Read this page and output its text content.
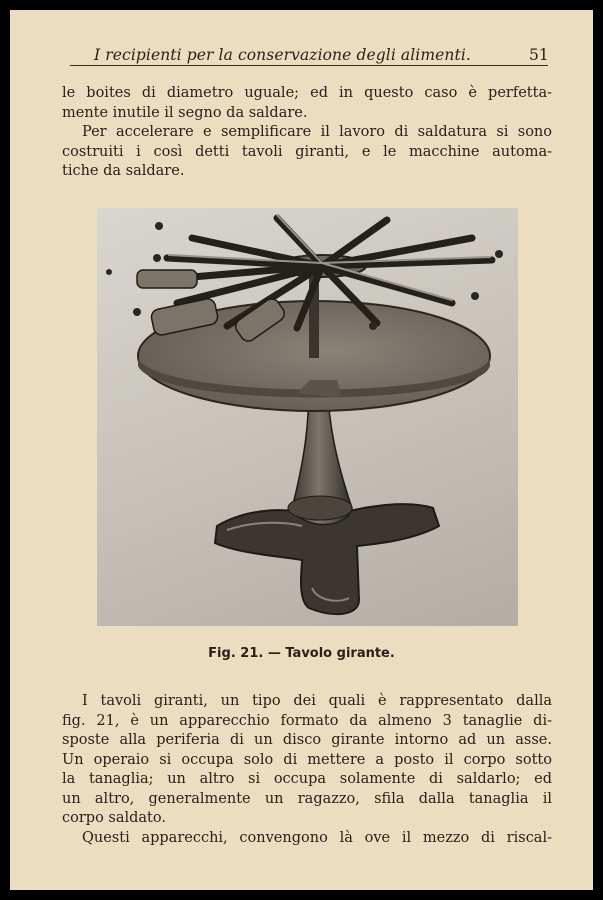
I recipienti per la conservazione degli alimenti.	51
le boites di diametro uguale; ed in questo caso è perfetta-
mente inutile il segno da saldare.
Per accelerare e semplificare il lavoro di saldatura si sono
costruiti i così detti tavoli giranti, e le macchine automa-
tiche da saldare.
Fig. 21. — Tavolo girante.
I tavoli giranti, un tipo dei quali è rappresentato dalla
fig. 21, è un apparecchio formato da almeno 3 tanaglie di-
sposte alla periferia di un disco girante intorno ad un asse.
Un operaio si occupa solo di mettere a posto il corpo sotto
la tanaglia; un altro si occupa solamente di saldarlo; ed
un altro, generalmente un ragazzo, sfila dalla tanaglia il
corpo saldato.
Questi apparecchi, convengono là ove il mezzo di riscal-
